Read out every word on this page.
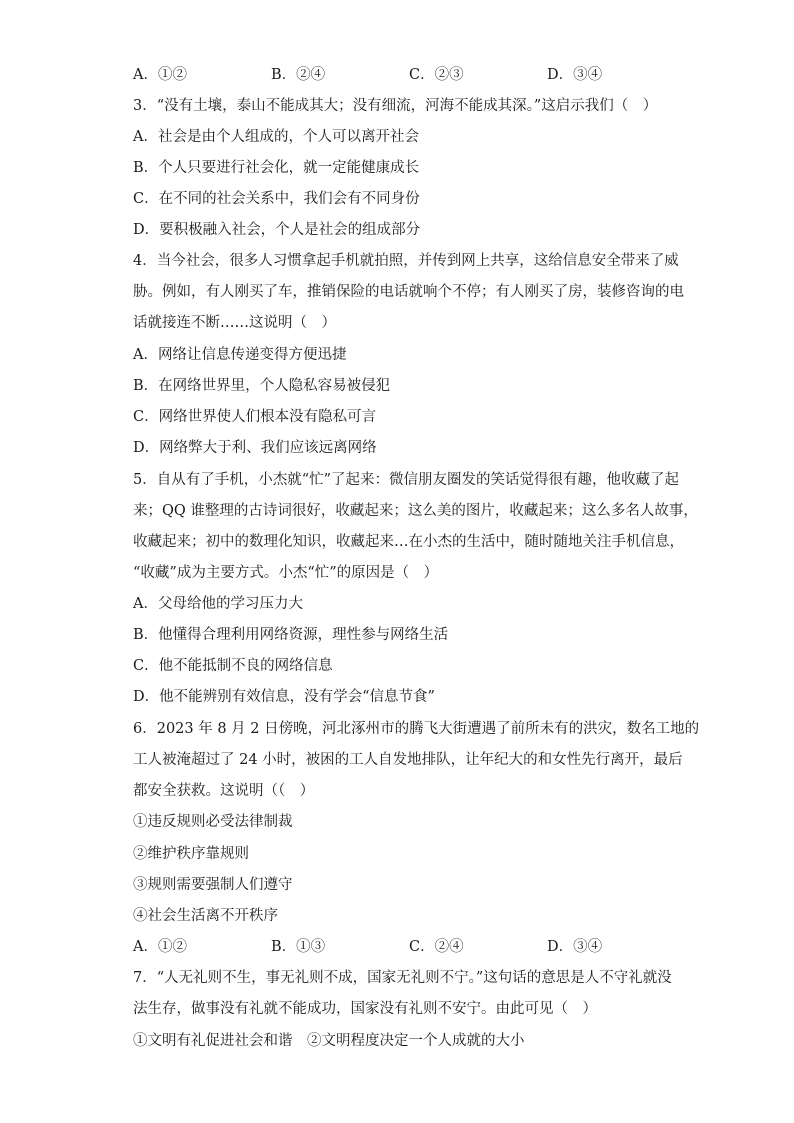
A．①②	B．②④	C．②③	D．③④
3．“没有土壤，泰山不能成其大；没有细流，河海不能成其深。”这启示我们（　）
A．社会是由个人组成的，个人可以离开社会
B．个人只要进行社会化，就一定能健康成长
C．在不同的社会关系中，我们会有不同身份
D．要积极融入社会，个人是社会的组成部分
4．当今社会，很多人习惯拿起手机就拍照，并传到网上共享，这给信息安全带来了威
胁。例如，有人刚买了车，推销保险的电话就响个不停；有人刚买了房，装修咨询的电
话就接连不断……这说明（　）
A．网络让信息传递变得方便迅捷
B．在网络世界里，个人隐私容易被侵犯
C．网络世界使人们根本没有隐私可言
D．网络弊大于利、我们应该远离网络
5．自从有了手机，小杰就“忙”了起来：微信朋友圈发的笑话觉得很有趣，他收藏了起
来；QQ 谁整理的古诗词很好，收藏起来；这么美的图片，收藏起来；这么多名人故事，
收藏起来；初中的数理化知识，收藏起来…在小杰的生活中，随时随地关注手机信息，
“收藏”成为主要方式。小杰“忙”的原因是（　）
A．父母给他的学习压力大
B．他懂得合理利用网络资源，理性参与网络生活
C．他不能抵制不良的网络信息
D．他不能辨别有效信息，没有学会“信息节食”
6．2023 年 8 月 2 日傍晚，河北涿州市的腾飞大街遭遇了前所未有的洪灾，数名工地的
工人被淹超过了 24 小时，被困的工人自发地排队，让年纪大的和女性先行离开，最后
都安全获救。这说明（（　）
①违反规则必受法律制裁
②维护秩序靠规则
③规则需要强制人们遵守
④社会生活离不开秩序
A．①②	B．①③	C．②④	D．③④
7．“人无礼则不生，事无礼则不成，国家无礼则不宁。”这句话的意思是人不守礼就没
法生存，做事没有礼就不能成功，国家没有礼则不安宁。由此可见（　）
①文明有礼促进社会和谐　②文明程度决定一个人成就的大小
